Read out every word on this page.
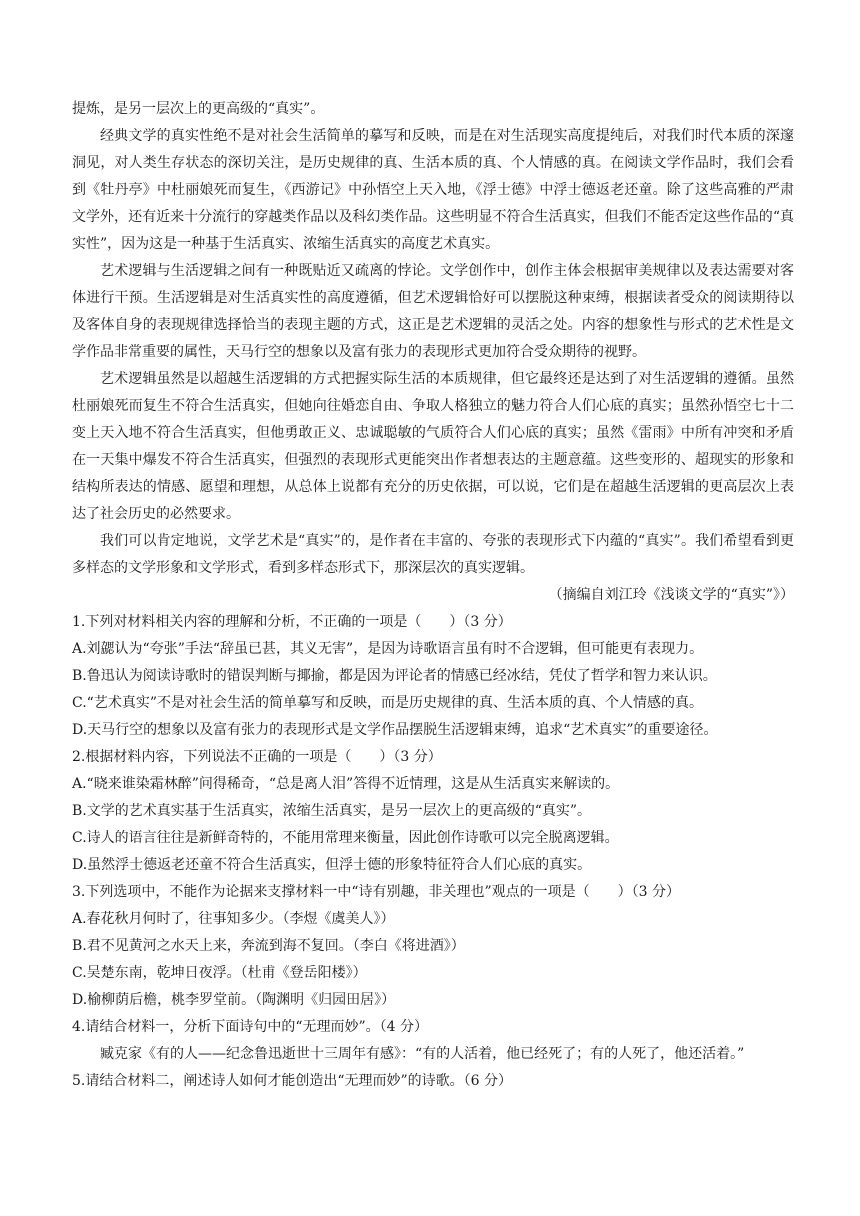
提炼，是另一层次上的更高级的“真实”。

经典文学的真实性绝不是对社会生活简单的摹写和反映，而是在对生活现实高度提纯后，对我们时代本质的深邃洞见，对人类生存状态的深切关注，是历史规律的真、生活本质的真、个人情感的真。在阅读文学作品时，我们会看到《牡丹亭》中杜丽娘死而复生，《西游记》中孙悟空上天入地，《浮士德》中浮士德返老还童。除了这些高雅的严肃文学外，还有近来十分流行的穿越类作品以及科幻类作品。这些明显不符合生活真实，但我们不能否定这些作品的“真实性”，因为这是一种基于生活真实、浓缩生活真实的高度艺术真实。

艺术逻辑与生活逻辑之间有一种既贴近又疏离的悖论。文学创作中，创作主体会根据审美规律以及表达需要对客体进行干预。生活逻辑是对生活真实性的高度遵循，但艺术逻辑恰好可以摆脱这种束缚，根据读者受众的阅读期待以及客体自身的表现规律选择恰当的表现主题的方式，这正是艺术逻辑的灵活之处。内容的想象性与形式的艺术性是文学作品非常重要的属性，天马行空的想象以及富有张力的表现形式更加符合受众期待的视野。

艺术逻辑虽然是以超越生活逻辑的方式把握实际生活的本质规律，但它最终还是达到了对生活逻辑的遵循。虽然杜丽娘死而复生不符合生活真实，但她向往婚恋自由、争取人格独立的魅力符合人们心底的真实；虽然孙悟空七十二变上天入地不符合生活真实，但他勇敢正义、忠诚聪敏的气质符合人们心底的真实；虽然《雷雨》中所有冲突和矛盾在一天集中爆发不符合生活真实，但强烈的表现形式更能突出作者想表达的主题意蕴。这些变形的、超现实的形象和结构所表达的情感、愿望和理想，从总体上说都有充分的历史依据，可以说，它们是在超越生活逻辑的更高层次上表达了社会历史的必然要求。

我们可以肯定地说，文学艺术是“真实”的，是作者在丰富的、夸张的表现形式下内蕴的“真实”。我们希望看到更多样态的文学形象和文学形式，看到多样态形式下，那深层次的真实逻辑。

（摘编自刘江玲《浅谈文学的“真实”》）

1.下列对材料相关内容的理解和分析，不正确的一项是（　　）（3 分）

A.刘勰认为“夸张”手法“辞虽已甚，其义无害”，是因为诗歌语言虽有时不合逻辑，但可能更有表现力。

B.鲁迅认为阅读诗歌时的错误判断与揶揄，都是因为评论者的情感已经冰结，凭仗了哲学和智力来认识。

C.“艺术真实”不是对社会生活的简单摹写和反映，而是历史规律的真、生活本质的真、个人情感的真。

D.天马行空的想象以及富有张力的表现形式是文学作品摆脱生活逻辑束缚，追求“艺术真实”的重要途径。

2.根据材料内容，下列说法不正确的一项是（　　）（3 分）

A.“晓来谁染霜林醉”问得稀奇，“总是离人泪”答得不近情理，这是从生活真实来解读的。

B.文学的艺术真实基于生活真实，浓缩生活真实，是另一层次上的更高级的“真实”。

C.诗人的语言往往是新鲜奇特的，不能用常理来衡量，因此创作诗歌可以完全脱离逻辑。

D.虽然浮士德返老还童不符合生活真实，但浮士德的形象特征符合人们心底的真实。

3.下列选项中，不能作为论据来支撑材料一中“诗有别趣，非关理也”观点的一项是（　　）（3 分）

A.春花秋月何时了，往事知多少。（李煜《虞美人》）

B.君不见黄河之水天上来，奔流到海不复回。（李白《将进酒》）

C.吴楚东南，乾坤日夜浮。（杜甫《登岳阳楼》）

D.榆柳荫后檐，桃李罗堂前。（陶渊明《归园田居》）

4.请结合材料一，分析下面诗句中的“无理而妙”。（4 分）

臧克家《有的人——纪念鲁迅逝世十三周年有感》：“有的人活着，他已经死了；有的人死了，他还活着。”

5.请结合材料二，阐述诗人如何才能创造出“无理而妙”的诗歌。（6 分）
